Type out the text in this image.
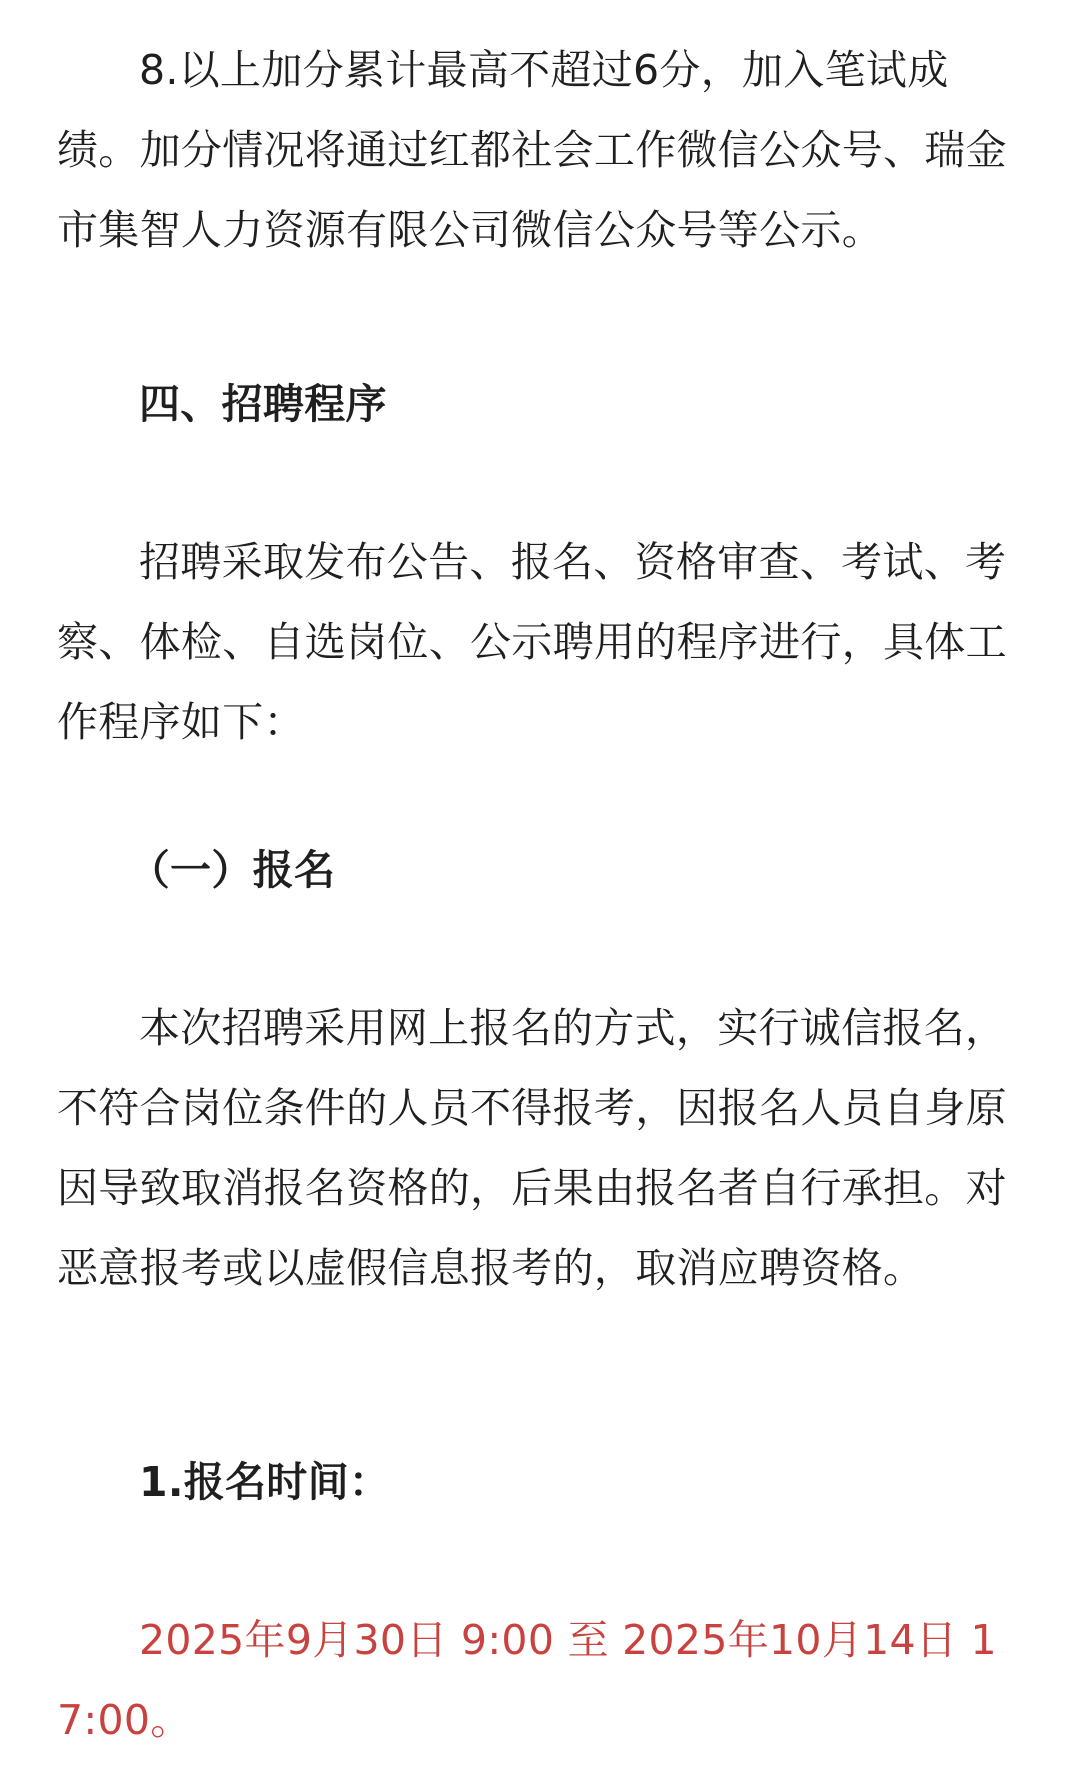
8.以上加分累计最高不超过6分，加入笔试成绩。加分情况将通过红都社会工作微信公众号、瑞金市集智人力资源有限公司微信公众号等公示。

四、招聘程序

招聘采取发布公告、报名、资格审查、考试、考察、体检、自选岗位、公示聘用的程序进行，具体工作程序如下：

（一）报名

本次招聘采用网上报名的方式，实行诚信报名，不符合岗位条件的人员不得报考，因报名人员自身原因导致取消报名资格的，后果由报名者自行承担。对恶意报考或以虚假信息报考的，取消应聘资格。

1.报名时间：

2025年9月30日 9:00 至 2025年10月14日 17:00。
